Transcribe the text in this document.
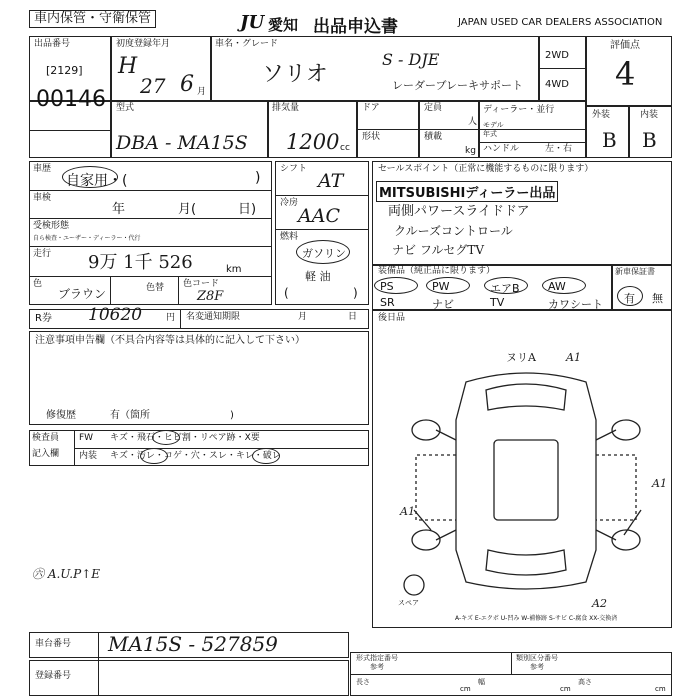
車内保管・守衛保管	JU 愛知 出品申込書	JAPAN USED CAR DEALERS ASSOCIATION
出品番号
[2129]
00146
初度登録年月
H
27 6 月
車名・グレード
ソリオ
S - DJE
レーダーブレーキサポート
2WD
4WD
評価点
4
外装	内装
B B
型式
DBA - MA15S
排気量
1200 cc
ドア
形状
定員
人
積載
kg
ディーラー・並行
モデル
年式
ハンドル	左・右
車歴
自家用・(	)
車検
年	月(	日)
受検形態
自ら検査・ユーザー・ディーラー・代行
走行 9万 1千 526	km
色
ブラウン	色替 色コード
Z8F
シフト
AT
冷房
AAC
燃料
ガソリン
軽 油
(	)
セールスポイント（正常に機能するものに限ります）
MITSUBISHIディーラー出品
両側パワースライドドア
クルーズコントロール
ナビ フルセグTV
装備品（純正品に限ります）
PS	PW	エアB	AW
SR	ナビ	TV	カワシート
新車保証書
有 無
R券 10620	円 名変通知期限	月	日
注意事項申告欄（不具合内容等は具体的に記入して下さい）
修復歴	有（箇所	)
後日品
ヌリA	A1
A1
A1
A2
スペア
A-キズ E-エクボ U-凹み W-補修跡 S-サビ C-腐食 XX-交換済
検査員
記入欄
FW キズ・飛石・ヒビ割・リペア跡・X要
内装 キズ・汚レ・コゲ・穴・スレ・キレ・破レ
㊅ A.U.P↑E
車台番号 MA15S - 527859
登録番号
形式指定番号
参考
類別区分番号
参考
長さ
cm
幅
cm
高さ
cm
